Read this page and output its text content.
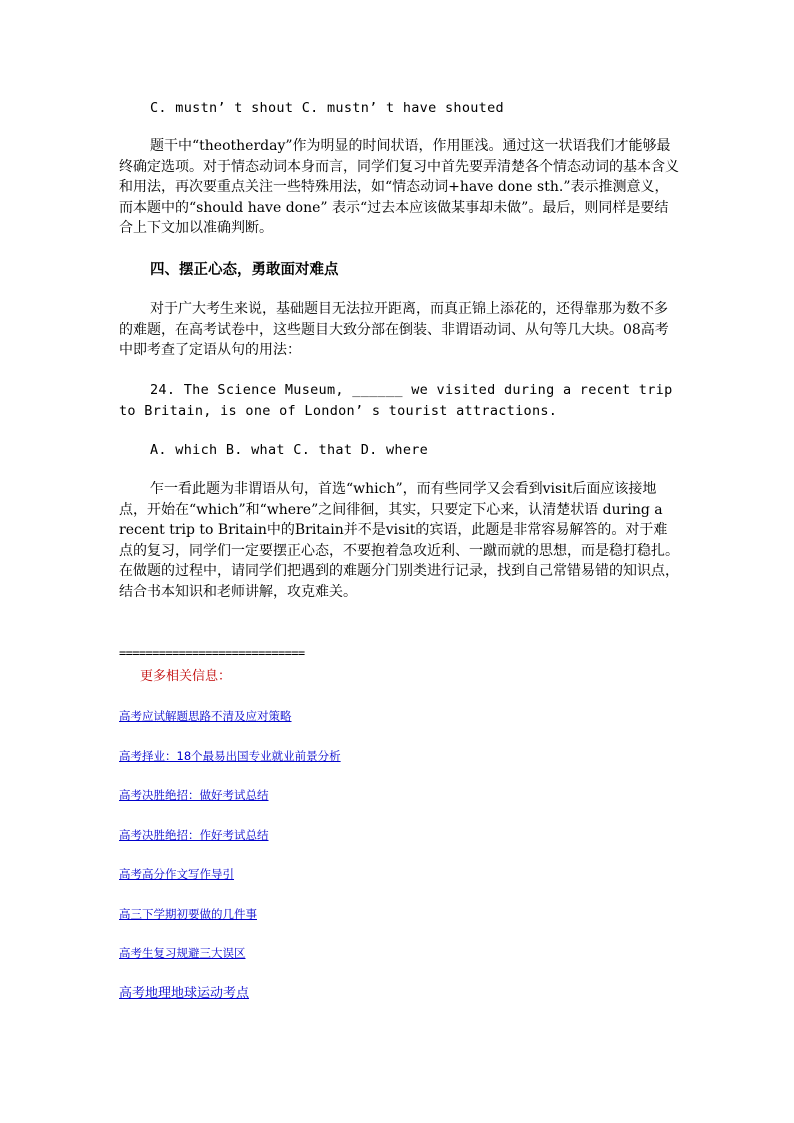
C. mustn’ t shout C. mustn’ t have shouted

题干中“theotherday”作为明显的时间状语，作用匪浅。通过这一状语我们才能够最终确定选项。对于情态动词本身而言，同学们复习中首先要弄清楚各个情态动词的基本含义和用法，再次要重点关注一些特殊用法，如“情态动词+have done sth.”表示推测意义，而本题中的“should have done” 表示“过去本应该做某事却未做”。最后，则同样是要结合上下文加以准确判断。

四、摆正心态，勇敢面对难点

对于广大考生来说，基础题目无法拉开距离，而真正锦上添花的，还得靠那为数不多的难题，在高考试卷中，这些题目大致分部在倒装、非谓语动词、从句等几大块。08高考中即考查了定语从句的用法：

24. The Science Museum, ______ we visited during a recent trip to Britain, is one of London’ s tourist attractions.

A. which B. what C. that D. where

乍一看此题为非谓语从句，首选“which”，而有些同学又会看到visit后面应该接地点，开始在“which”和“where”之间徘徊，其实，只要定下心来，认清楚状语 during a recent trip to Britain中的Britain并不是visit的宾语，此题是非常容易解答的。对于难点的复习，同学们一定要摆正心态，不要抱着急攻近利、一蹴而就的思想，而是稳打稳扎。在做题的过程中，请同学们把遇到的难题分门别类进行记录，找到自己常错易错的知识点，结合书本知识和老师讲解，攻克难关。

============================
更多相关信息：
高考应试解题思路不清及应对策略
高考择业：18个最易出国专业就业前景分析
高考决胜绝招：做好考试总结
高考决胜绝招：作好考试总结
高考高分作文写作导引
高三下学期初要做的几件事
高考生复习规避三大误区
高考地理地球运动考点
